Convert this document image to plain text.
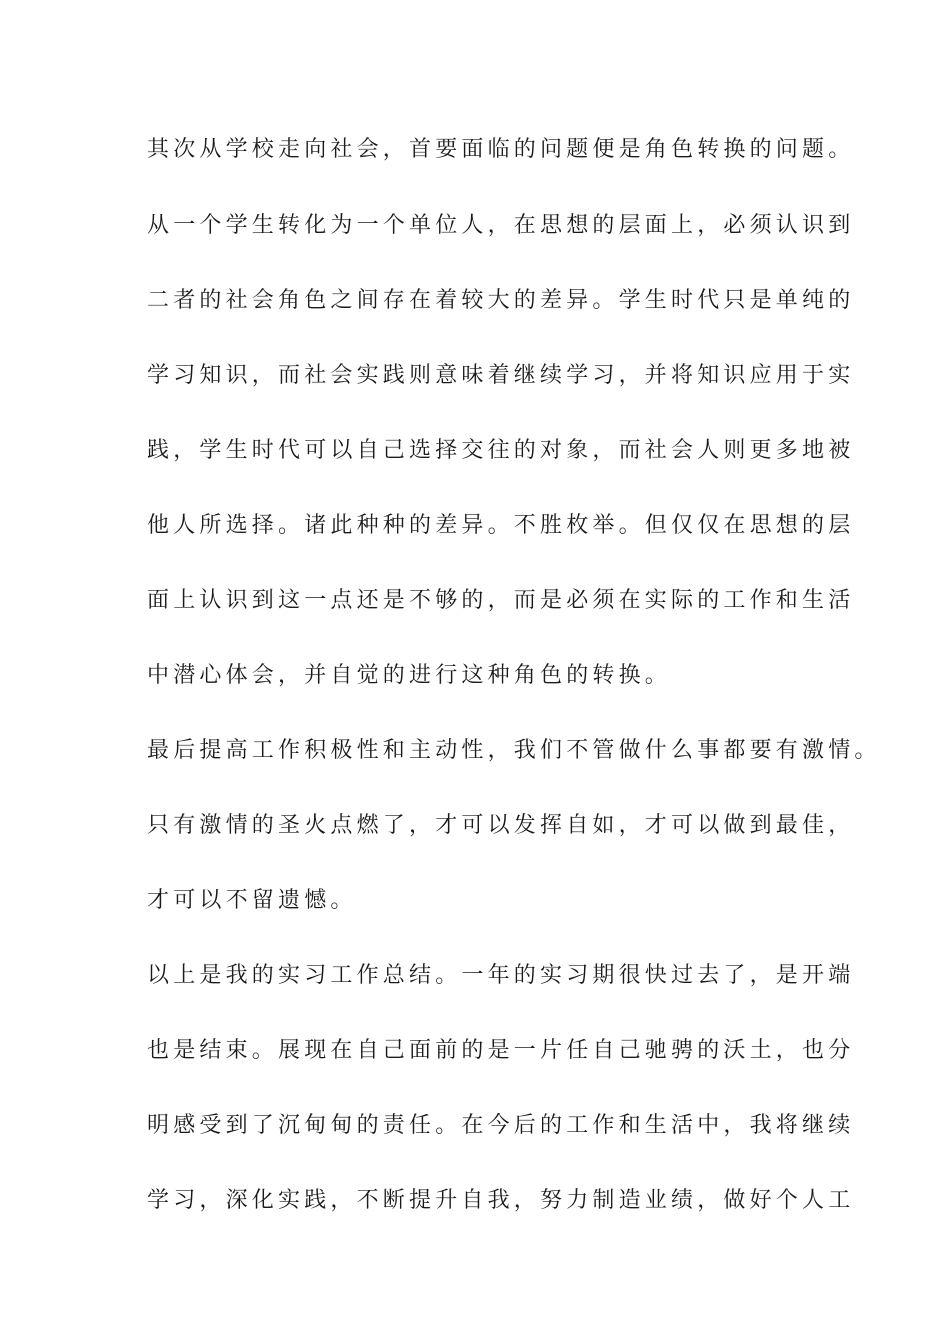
其次从学校走向社会，首要面临的问题便是角色转换的问题。
从一个学生转化为一个单位人，在思想的层面上，必须认识到
二者的社会角色之间存在着较大的差异。学生时代只是单纯的
学习知识，而社会实践则意味着继续学习，并将知识应用于实
践，学生时代可以自己选择交往的对象，而社会人则更多地被
他人所选择。诸此种种的差异。不胜枚举。但仅仅在思想的层
面上认识到这一点还是不够的，而是必须在实际的工作和生活
中潜心体会，并自觉的进行这种角色的转换。
最后提高工作积极性和主动性，我们不管做什么事都要有激情。
只有激情的圣火点燃了，才可以发挥自如，才可以做到最佳，
才可以不留遗憾。
以上是我的实习工作总结。一年的实习期很快过去了，是开端
也是结束。展现在自己面前的是一片任自己驰骋的沃土，也分
明感受到了沉甸甸的责任。在今后的工作和生活中，我将继续
学习，深化实践，不断提升自我，努力制造业绩，做好个人工
